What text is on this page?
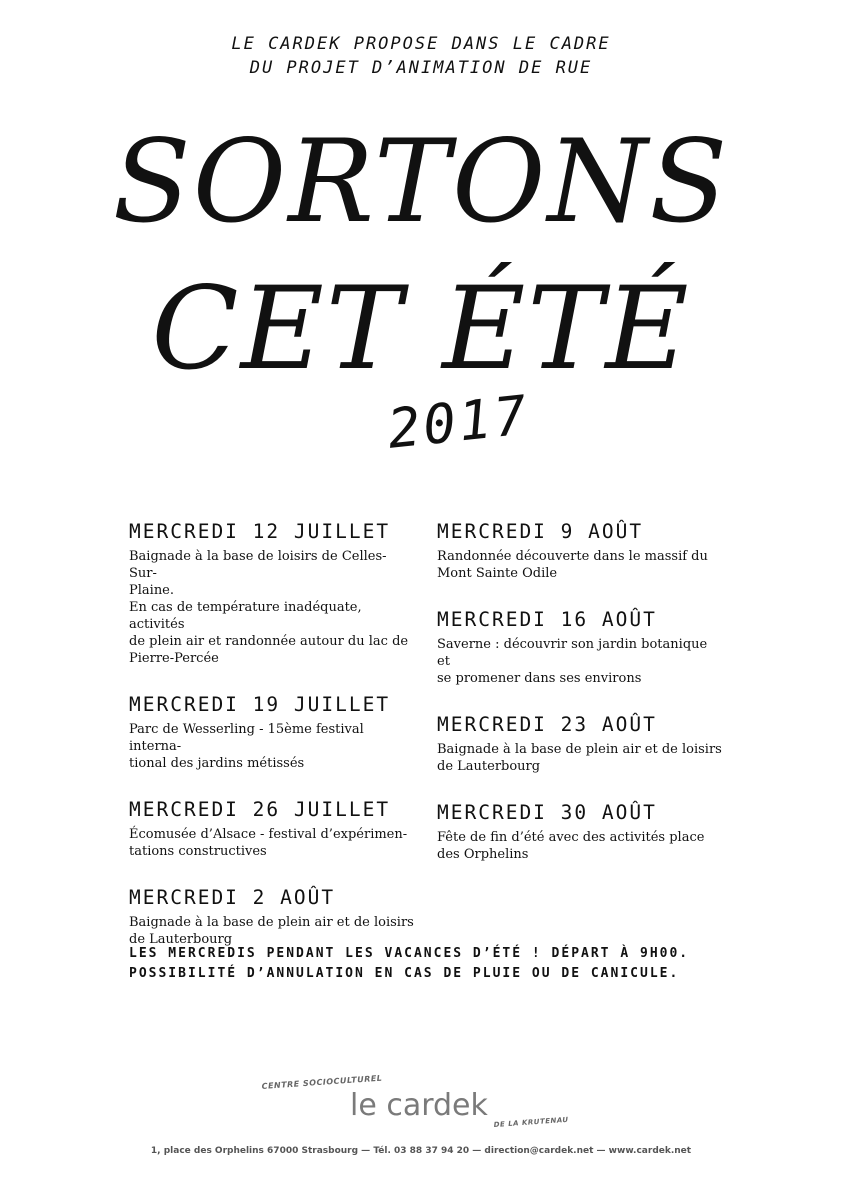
LE CARDEK PROPOSE DANS LE CADRE
DU PROJET D’ANIMATION DE RUE
SORTONS
CET ÉTÉ
2017
MERCREDI 12 JUILLET
Baignade à la base de loisirs de Celles-Sur-
Plaine.
En cas de température inadéquate, activités
de plein air et randonnée autour du lac de
Pierre-Percée
MERCREDI 19 JUILLET
Parc de Wesserling - 15ème festival interna-
tional des jardins métissés
MERCREDI 26 JUILLET
Écomusée d’Alsace - festival d’expérimen-
tations constructives
MERCREDI 2 AOÛT
Baignade à la base de plein air et de loisirs
de Lauterbourg
MERCREDI 9 AOÛT
Randonnée découverte dans le massif du
Mont Sainte Odile
MERCREDI 16 AOÛT
Saverne : découvrir son jardin botanique et
se promener dans ses environs
MERCREDI 23 AOÛT
Baignade à la base de plein air et de loisirs
de Lauterbourg
MERCREDI 30 AOÛT
Fête de fin d’été avec des activités place
des Orphelins
LES MERCREDIS PENDANT LES VACANCES D’ÉTÉ ! DÉPART À 9H00.
POSSIBILITÉ D’ANNULATION EN CAS DE PLUIE OU DE CANICULE.
CENTRE SOCIOCULTUREL
le cardek DE LA KRUTENAU
1, place des Orphelins 67000 Strasbourg — Tél. 03 88 37 94 20 — direction@cardek.net — www.cardek.net
